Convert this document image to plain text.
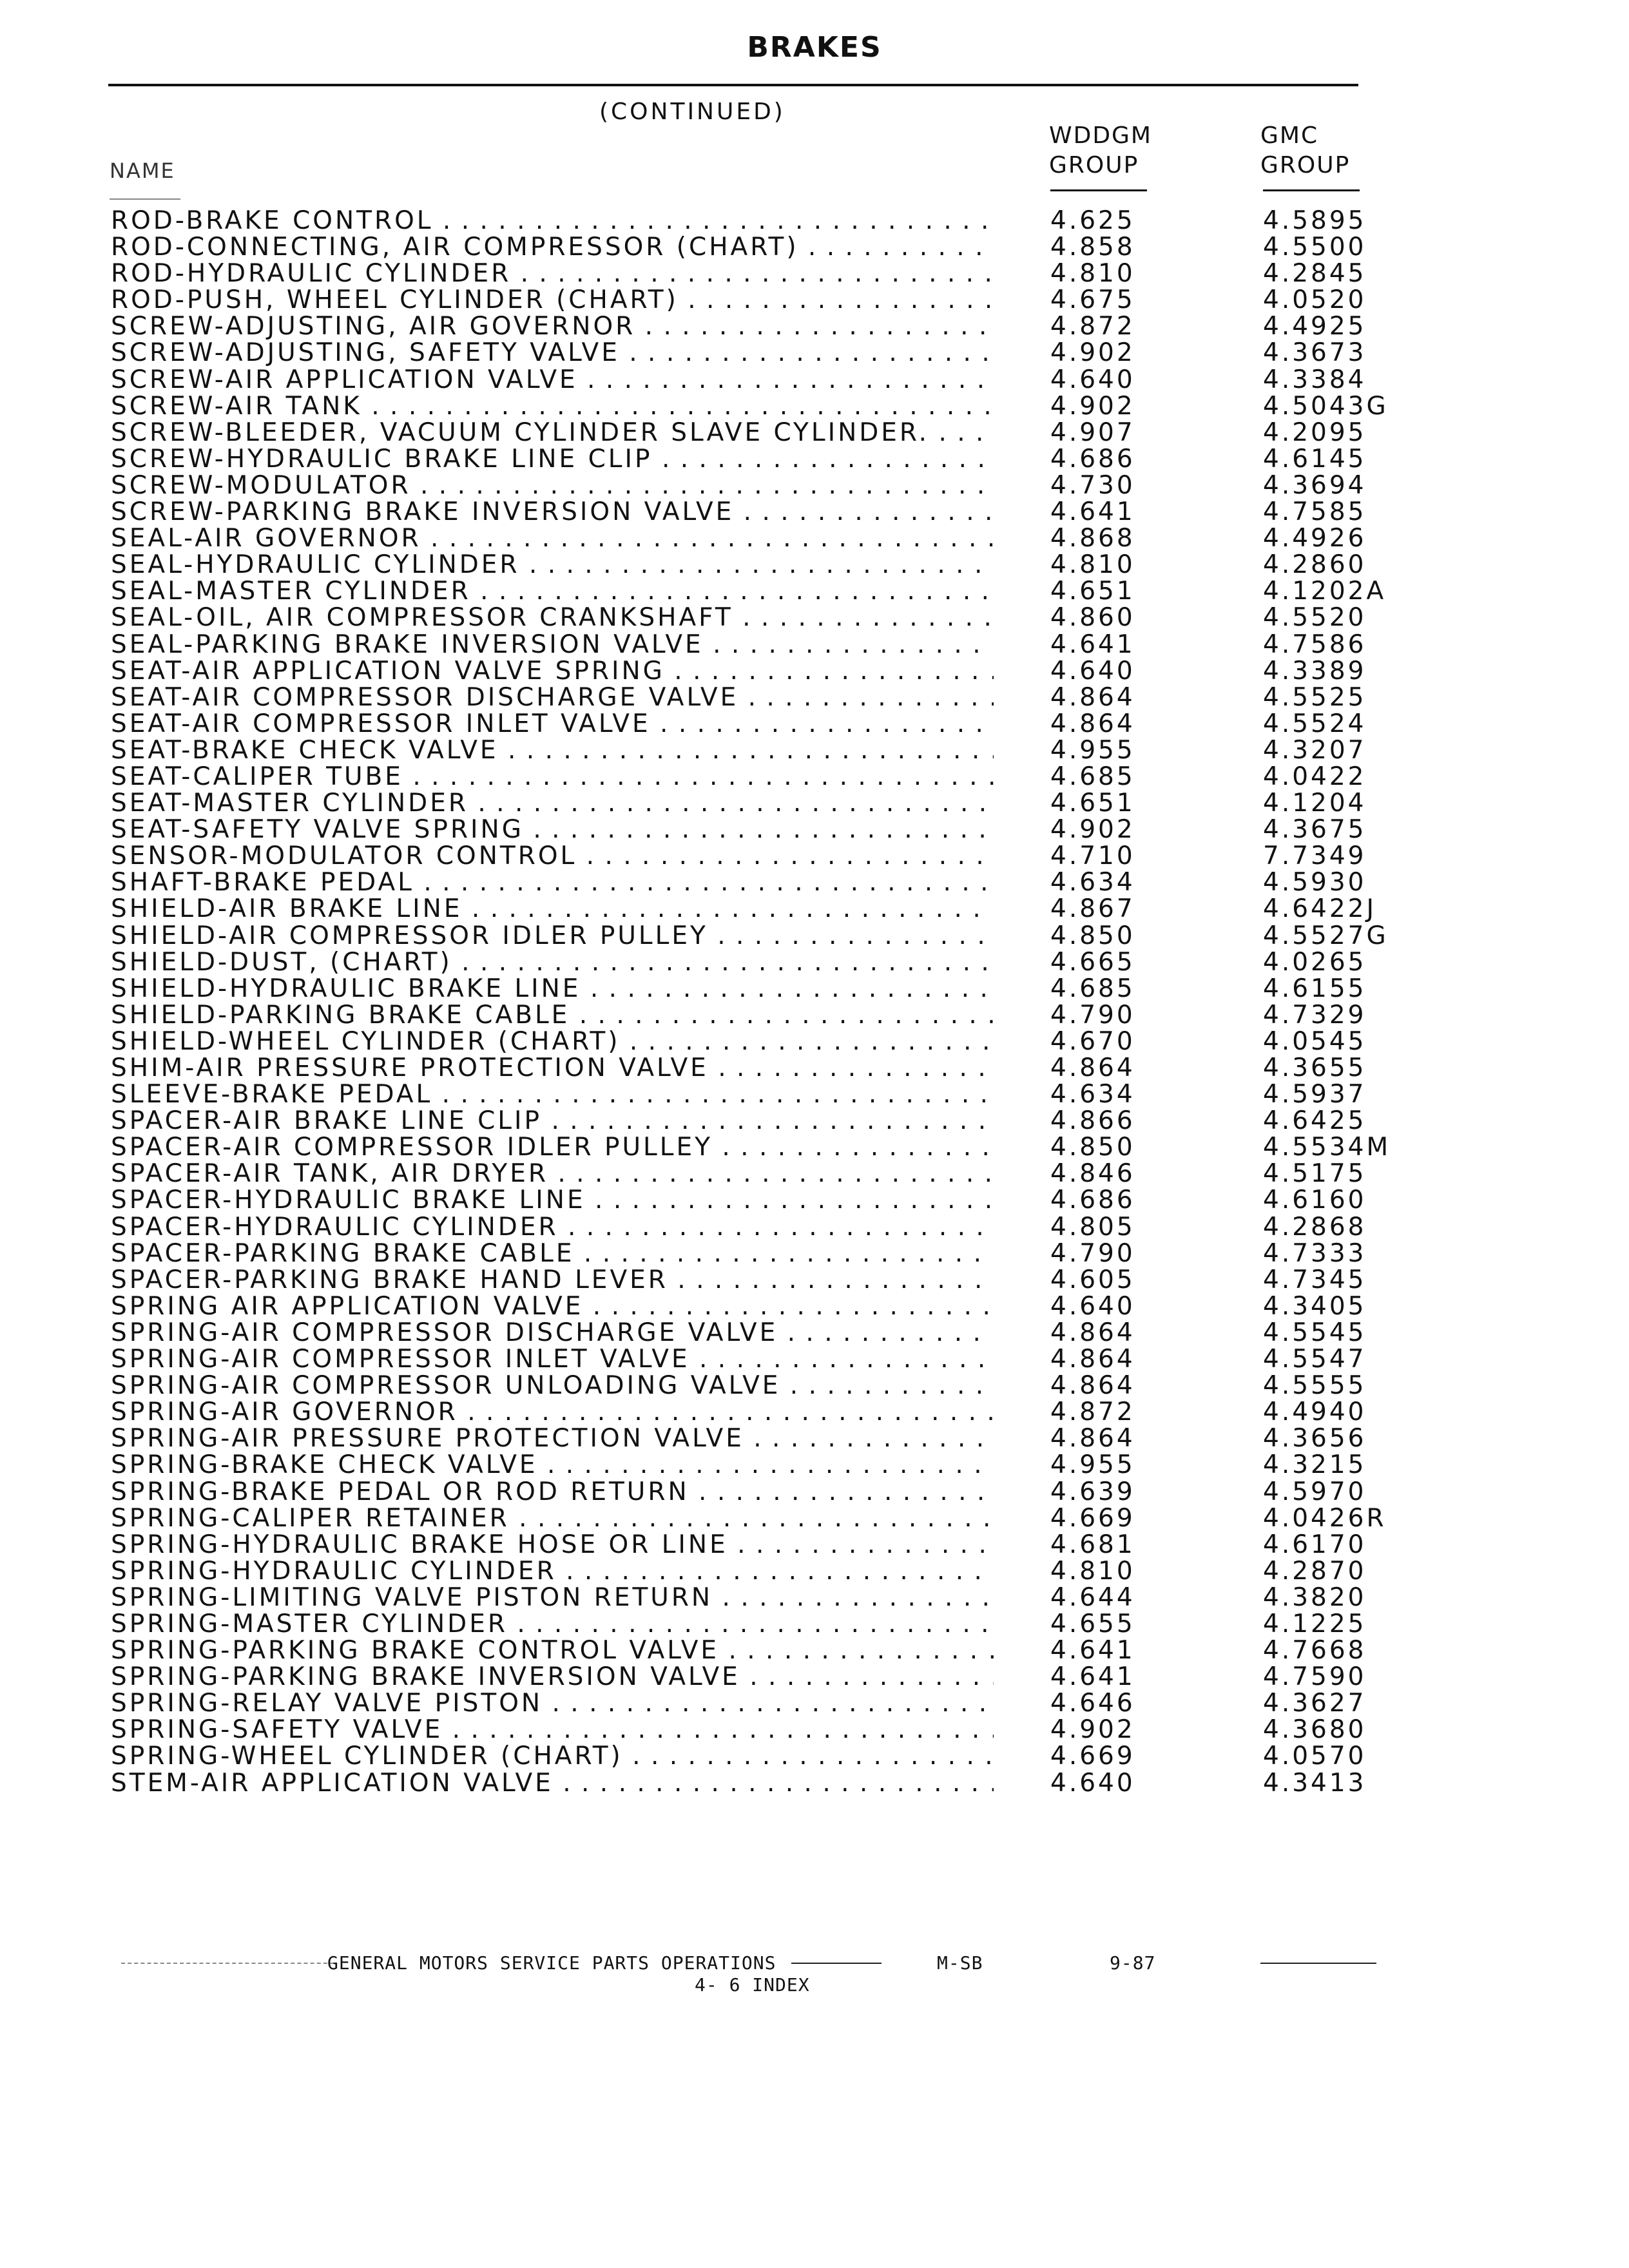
BRAKES
(CONTINUED)
NAME
WDDGM
GROUP
GMC
GROUP
ROD-BRAKE CONTROL . . .	4.625	4.5895
ROD-CONNECTING, AIR COMPRESSOR (CHART) . . .	4.858	4.5500
ROD-HYDRAULIC CYLINDER . . .	4.810	4.2845
ROD-PUSH, WHEEL CYLINDER (CHART) . . .	4.675	4.0520
SCREW-ADJUSTING, AIR GOVERNOR . . .	4.872	4.4925
SCREW-ADJUSTING, SAFETY VALVE . . .	4.902	4.3673
SCREW-AIR APPLICATION VALVE . . .	4.640	4.3384
SCREW-AIR TANK . . .	4.902	4.5043G
SCREW-BLEEDER, VACUUM CYLINDER SLAVE CYLINDER. . . .	4.907	4.2095
SCREW-HYDRAULIC BRAKE LINE CLIP . . .	4.686	4.6145
SCREW-MODULATOR . . .	4.730	4.3694
SCREW-PARKING BRAKE INVERSION VALVE . . .	4.641	4.7585
SEAL-AIR GOVERNOR . . .	4.868	4.4926
SEAL-HYDRAULIC CYLINDER . . .	4.810	4.2860
SEAL-MASTER CYLINDER . . .	4.651	4.1202A
SEAL-OIL, AIR COMPRESSOR CRANKSHAFT . . .	4.860	4.5520
SEAL-PARKING BRAKE INVERSION VALVE . . .	4.641	4.7586
SEAT-AIR APPLICATION VALVE SPRING . . .	4.640	4.3389
SEAT-AIR COMPRESSOR DISCHARGE VALVE . . .	4.864	4.5525
SEAT-AIR COMPRESSOR INLET VALVE . . .	4.864	4.5524
SEAT-BRAKE CHECK VALVE . . .	4.955	4.3207
SEAT-CALIPER TUBE . . .	4.685	4.0422
SEAT-MASTER CYLINDER . . .	4.651	4.1204
SEAT-SAFETY VALVE SPRING . . .	4.902	4.3675
SENSOR-MODULATOR CONTROL . . .	4.710	7.7349
SHAFT-BRAKE PEDAL . . .	4.634	4.5930
SHIELD-AIR BRAKE LINE . . .	4.867	4.6422J
SHIELD-AIR COMPRESSOR IDLER PULLEY . . .	4.850	4.5527G
SHIELD-DUST, (CHART) . . .	4.665	4.0265
SHIELD-HYDRAULIC BRAKE LINE . . .	4.685	4.6155
SHIELD-PARKING BRAKE CABLE . . .	4.790	4.7329
SHIELD-WHEEL CYLINDER (CHART) . . .	4.670	4.0545
SHIM-AIR PRESSURE PROTECTION VALVE . . .	4.864	4.3655
SLEEVE-BRAKE PEDAL . . .	4.634	4.5937
SPACER-AIR BRAKE LINE CLIP . . .	4.866	4.6425
SPACER-AIR COMPRESSOR IDLER PULLEY . . .	4.850	4.5534M
SPACER-AIR TANK, AIR DRYER . . .	4.846	4.5175
SPACER-HYDRAULIC BRAKE LINE . . .	4.686	4.6160
SPACER-HYDRAULIC CYLINDER . . .	4.805	4.2868
SPACER-PARKING BRAKE CABLE . . .	4.790	4.7333
SPACER-PARKING BRAKE HAND LEVER . . .	4.605	4.7345
SPRING AIR APPLICATION VALVE . . .	4.640	4.3405
SPRING-AIR COMPRESSOR DISCHARGE VALVE . . .	4.864	4.5545
SPRING-AIR COMPRESSOR INLET VALVE . . .	4.864	4.5547
SPRING-AIR COMPRESSOR UNLOADING VALVE . . .	4.864	4.5555
SPRING-AIR GOVERNOR . . .	4.872	4.4940
SPRING-AIR PRESSURE PROTECTION VALVE . . .	4.864	4.3656
SPRING-BRAKE CHECK VALVE . . .	4.955	4.3215
SPRING-BRAKE PEDAL OR ROD RETURN . . .	4.639	4.5970
SPRING-CALIPER RETAINER . . .	4.669	4.0426R
SPRING-HYDRAULIC BRAKE HOSE OR LINE . . .	4.681	4.6170
SPRING-HYDRAULIC CYLINDER . . .	4.810	4.2870
SPRING-LIMITING VALVE PISTON RETURN . . .	4.644	4.3820
SPRING-MASTER CYLINDER . . .	4.655	4.1225
SPRING-PARKING BRAKE CONTROL VALVE . . .	4.641	4.7668
SPRING-PARKING BRAKE INVERSION VALVE . . .	4.641	4.7590
SPRING-RELAY VALVE PISTON . . .	4.646	4.3627
SPRING-SAFETY VALVE . . .	4.902	4.3680
SPRING-WHEEL CYLINDER (CHART) . . .	4.669	4.0570
STEM-AIR APPLICATION VALVE . . .	4.640	4.3413
GENERAL MOTORS SERVICE PARTS OPERATIONS	M-SB	9-87
4- 6 INDEX
